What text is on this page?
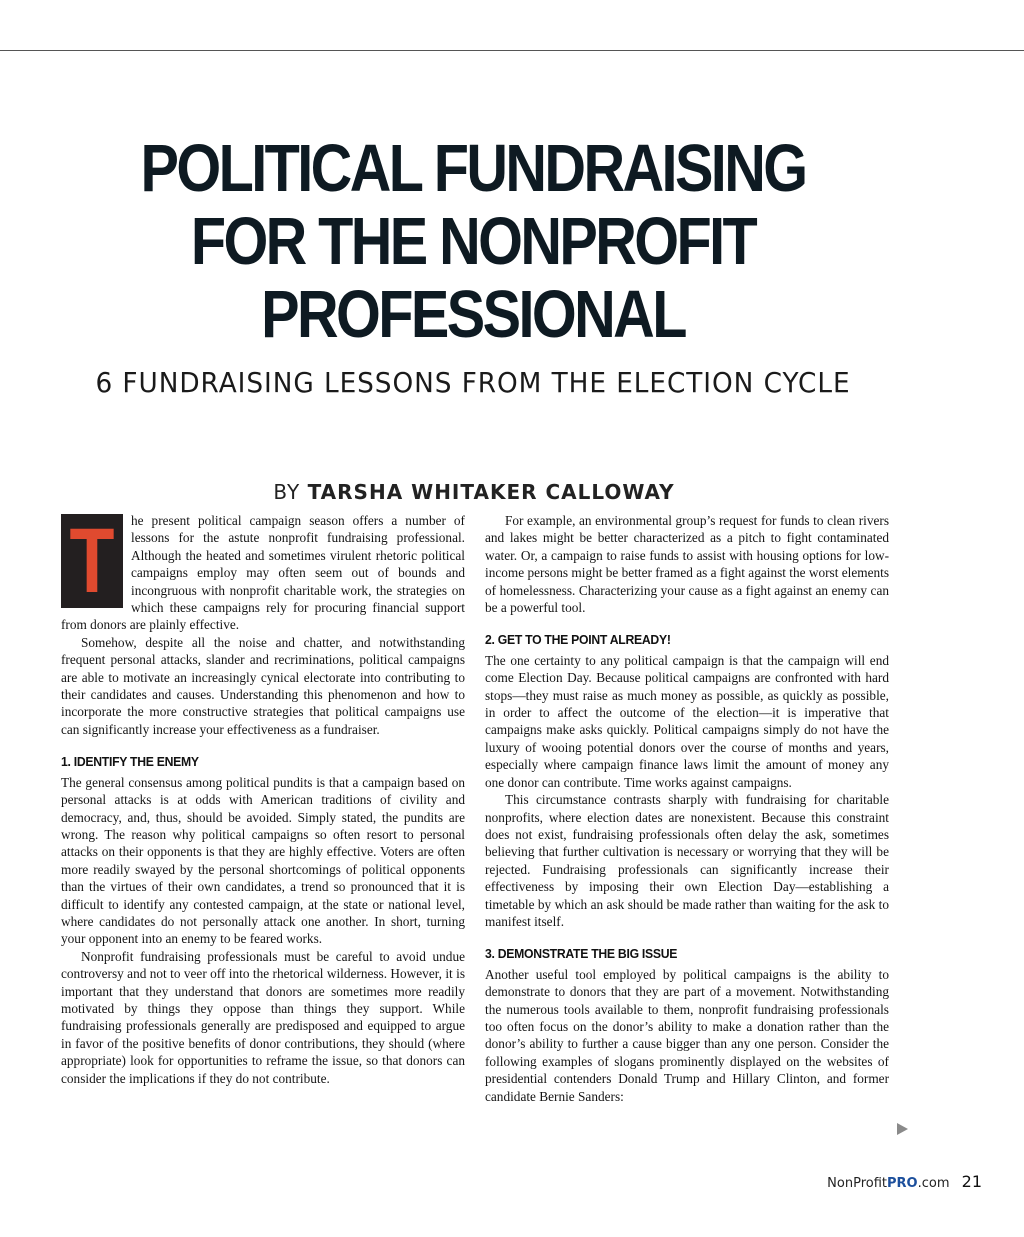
POLITICAL FUNDRAISING
FOR THE NONPROFIT
PROFESSIONAL
6 FUNDRAISING LESSONS FROM THE ELECTION CYCLE
BY TARSHA WHITAKER CALLOWAY
T	he present political campaign season offers a number of lessons for the astute nonprofit fundraising professional. Although the heated and sometimes virulent rhetoric political campaigns employ may often seem out of bounds and incongruous with nonprofit charitable work, the strategies on which these campaigns rely for procuring financial support from donors are plainly effective.

Somehow, despite all the noise and chatter, and notwithstanding frequent personal attacks, slander and recriminations, political campaigns are able to motivate an increasingly cynical electorate into contributing to their candidates and causes. Understanding this phenomenon and how to incorporate the more constructive strategies that political campaigns use can significantly increase your effectiveness as a fundraiser.

1. IDENTIFY THE ENEMY

The general consensus among political pundits is that a campaign based on personal attacks is at odds with American traditions of civility and democracy, and, thus, should be avoided. Simply stated, the pundits are wrong. The reason why political campaigns so often resort to personal attacks on their opponents is that they are highly effective. Voters are often more readily swayed by the personal shortcomings of political opponents than the virtues of their own candidates, a trend so pronounced that it is difficult to identify any contested campaign, at the state or national level, where candidates do not personally attack one another. In short, turning your opponent into an enemy to be feared works.

Nonprofit fundraising professionals must be careful to avoid undue controversy and not to veer off into the rhetorical wilderness. However, it is important that they understand that donors are sometimes more readily motivated by things they oppose than things they support. While fundraising professionals generally are predisposed and equipped to argue in favor of the positive benefits of donor contributions, they should (where appropriate) look for opportunities to reframe the issue, so that donors can consider the implications if they do not contribute.

For example, an environmental group’s request for funds to clean rivers and lakes might be better characterized as a pitch to fight contaminated water. Or, a campaign to raise funds to assist with housing options for low-income persons might be better framed as a fight against the worst elements of homelessness. Characterizing your cause as a fight against an enemy can be a powerful tool.

2. GET TO THE POINT ALREADY!

The one certainty to any political campaign is that the campaign will end come Election Day. Because political campaigns are confronted with hard stops—they must raise as much money as possible, as quickly as possible, in order to affect the outcome of the election—it is imperative that campaigns make asks quickly. Political campaigns simply do not have the luxury of wooing potential donors over the course of months and years, especially where campaign finance laws limit the amount of money any one donor can contribute. Time works against campaigns.

This circumstance contrasts sharply with fundraising for charitable nonprofits, where election dates are nonexistent. Because this constraint does not exist, fundraising professionals often delay the ask, sometimes believing that further cultivation is necessary or worrying that they will be rejected. Fundraising professionals can significantly increase their effectiveness by imposing their own Election Day—establishing a timetable by which an ask should be made rather than waiting for the ask to manifest itself.

3. DEMONSTRATE THE BIG ISSUE

Another useful tool employed by political campaigns is the ability to demonstrate to donors that they are part of a movement. Notwithstanding the numerous tools available to them, nonprofit fundraising professionals too often focus on the donor’s ability to make a donation rather than the donor’s ability to further a cause bigger than any one person. Consider the following examples of slogans prominently displayed on the websites of presidential contenders Donald Trump and Hillary Clinton, and former candidate Bernie Sanders:

NonProfitPRO.com 21
